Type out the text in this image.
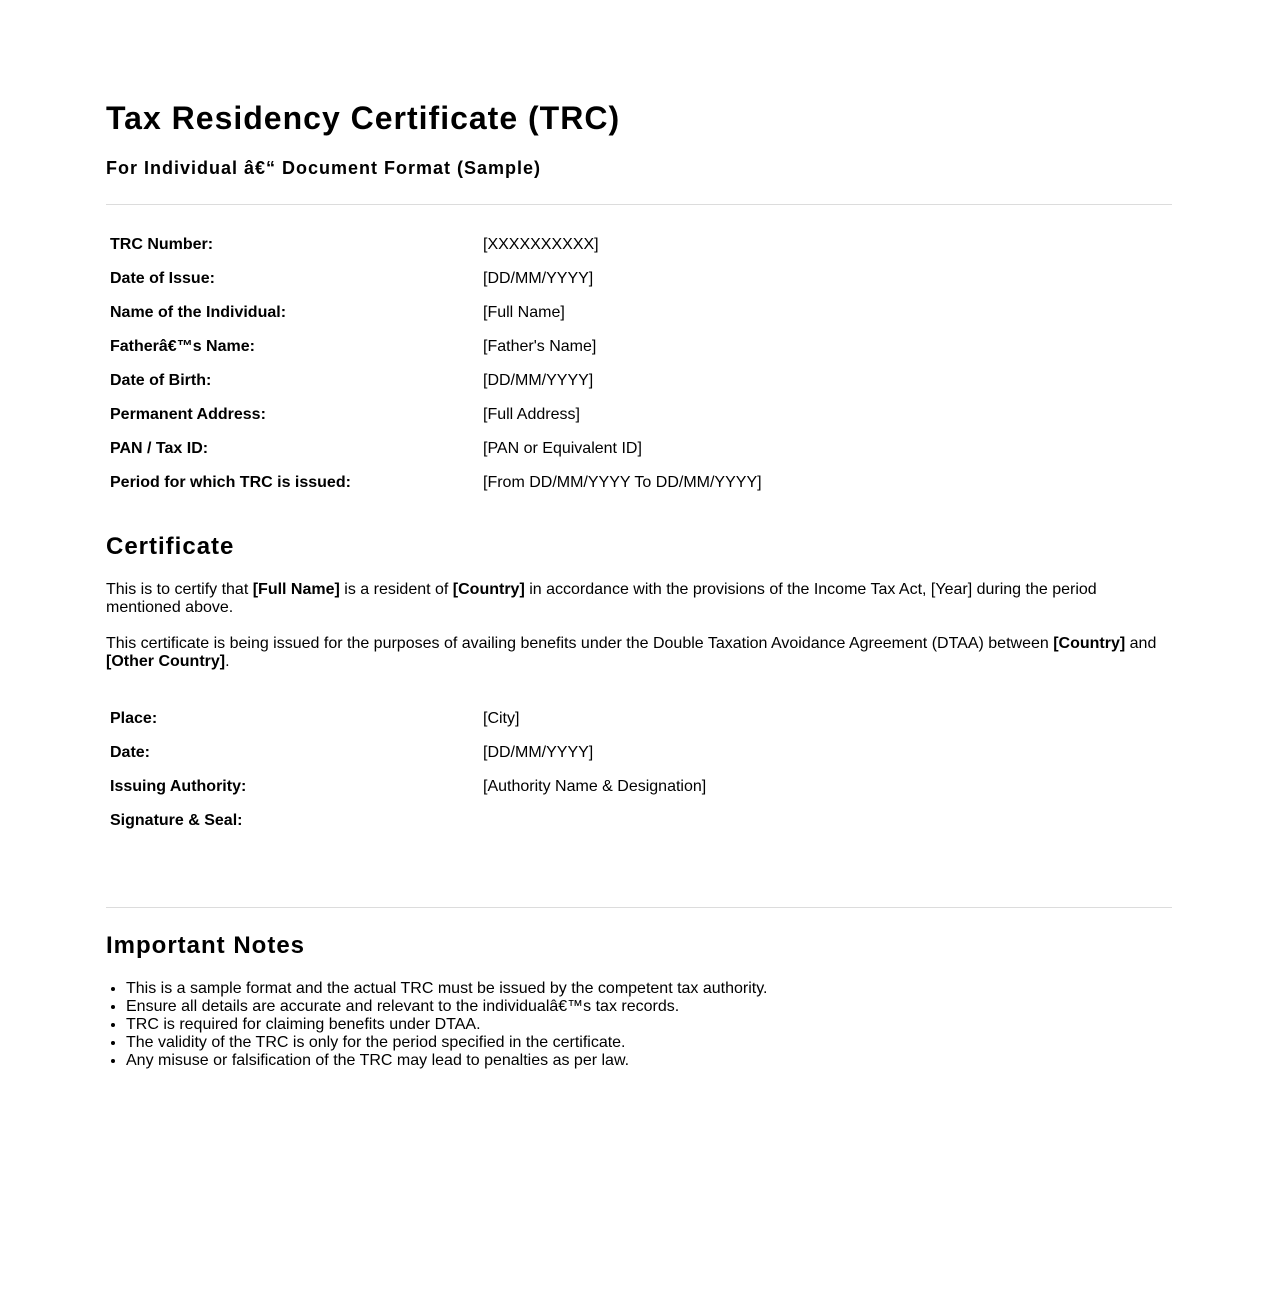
Tax Residency Certificate (TRC)
For Individual â€“ Document Format (Sample)
TRC Number:	[XXXXXXXXXX]
Date of Issue:	[DD/MM/YYYY]
Name of the Individual:	[Full Name]
Fatherâ€™s Name:	[Father's Name]
Date of Birth:	[DD/MM/YYYY]
Permanent Address:	[Full Address]
PAN / Tax ID:	[PAN or Equivalent ID]
Period for which TRC is issued:	[From DD/MM/YYYY To DD/MM/YYYY]
Certificate

This is to certify that [Full Name] is a resident of [Country] in accordance with the provisions of the Income Tax Act, [Year] during the period mentioned above.

This certificate is being issued for the purposes of availing benefits under the Double Taxation Avoidance Agreement (DTAA) between [Country] and [Other Country].

Place:	[City]
Date:	[DD/MM/YYYY]
Issuing Authority:	[Authority Name & Designation]
Signature & Seal:
Important Notes
• This is a sample format and the actual TRC must be issued by the competent tax authority.
• Ensure all details are accurate and relevant to the individualâ€™s tax records.
• TRC is required for claiming benefits under DTAA.
• The validity of the TRC is only for the period specified in the certificate.
• Any misuse or falsification of the TRC may lead to penalties as per law.
